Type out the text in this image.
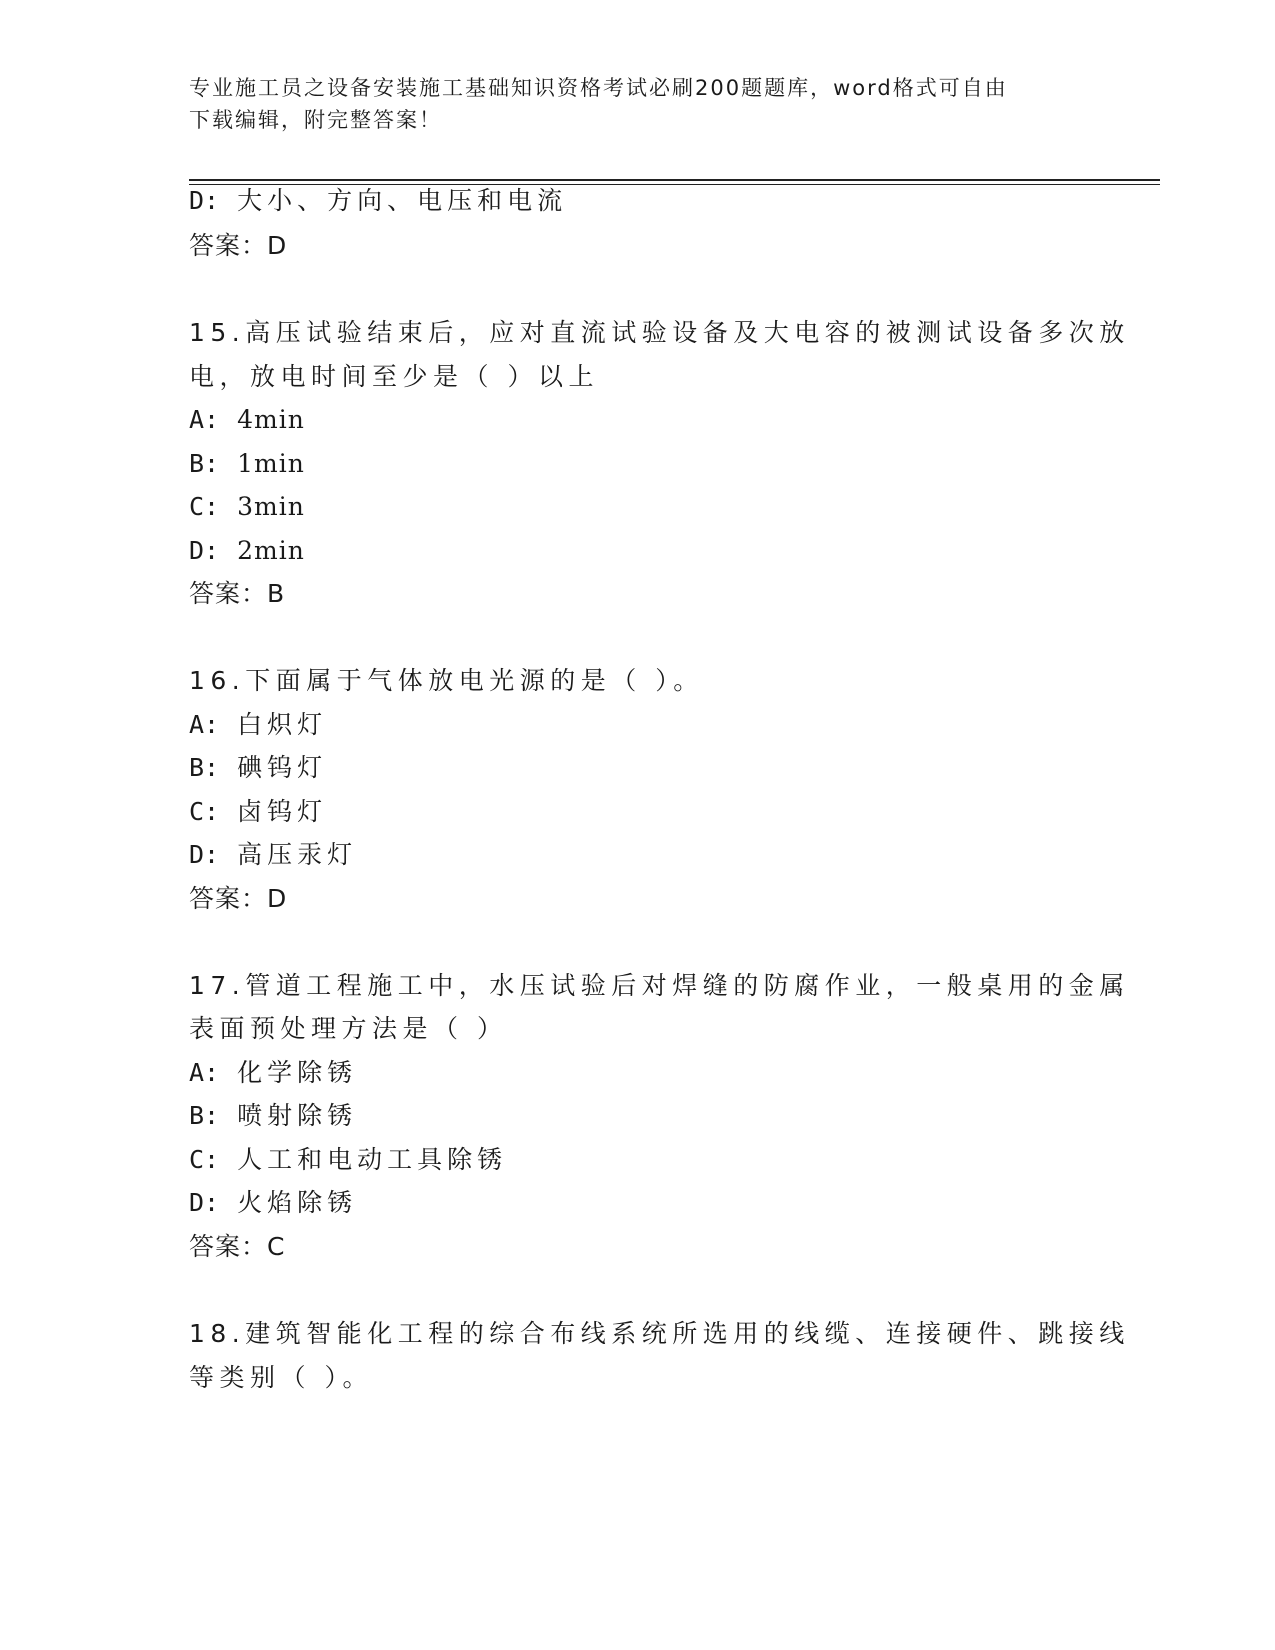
专业施工员之设备安装施工基础知识资格考试必刷200题题库，word格式可自由
下载编辑，附完整答案！
D: 大小、方向、电压和电流
答案：D
15.高压试验结束后，应对直流试验设备及大电容的被测试设备多次放
电，放电时间至少是（ ）以上
A: 4min
B: 1min
C: 3min
D: 2min
答案：B
16.下面属于气体放电光源的是（ ）。
A: 白炽灯
B: 碘钨灯
C: 卤钨灯
D: 高压汞灯
答案：D
17.管道工程施工中，水压试验后对焊缝的防腐作业，一般桌用的金属
表面预处理方法是（ ）
A: 化学除锈
B: 喷射除锈
C: 人工和电动工具除锈
D: 火焰除锈
答案：C
18.建筑智能化工程的综合布线系统所选用的线缆、连接硬件、跳接线
等类别（ ）。
